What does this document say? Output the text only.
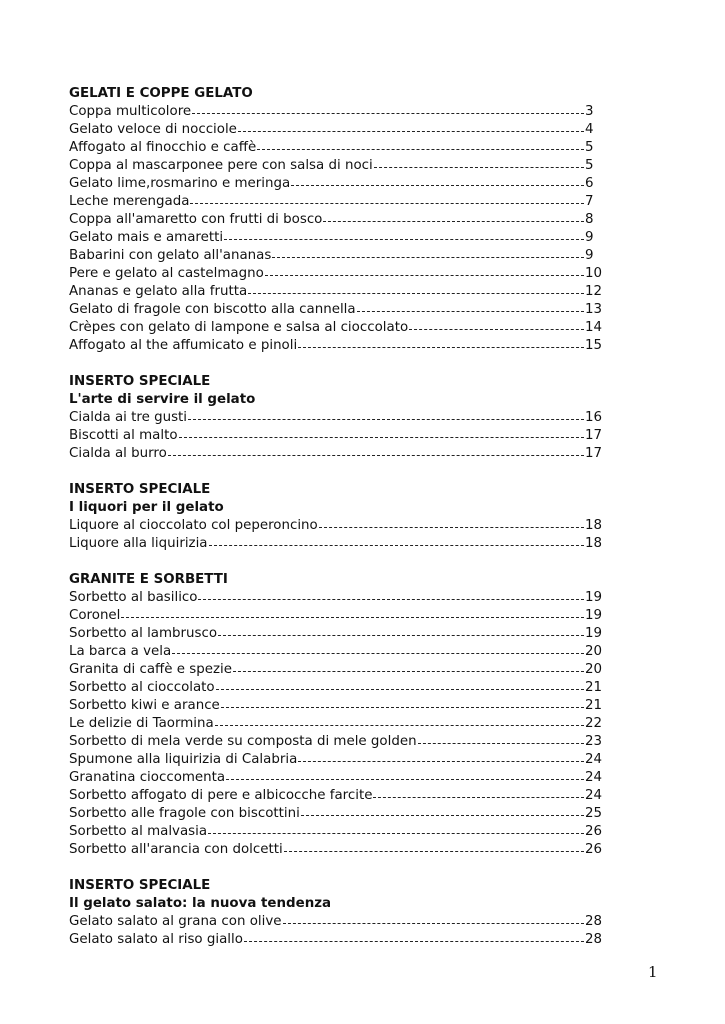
GELATI E COPPE GELATO
Coppa multicolore	3
Gelato veloce di nocciole	4
Affogato al finocchio e caffè	5
Coppa al mascarponee pere con salsa di noci	5
Gelato lime,rosmarino e meringa	6
Leche merengada	7
Coppa all'amaretto con frutti di bosco	8
Gelato mais e amaretti	9
Babarini con gelato all'ananas	9
Pere e gelato al castelmagno	10
Ananas e gelato alla frutta	12
Gelato di fragole con biscotto alla cannella	13
Crèpes con gelato di lampone e salsa al cioccolato	14
Affogato al the affumicato e pinoli	15
INSERTO SPECIALE
L'arte di servire il gelato
Cialda ai tre gusti	16
Biscotti al malto	17
Cialda al burro	17
INSERTO SPECIALE
I liquori per il gelato
Liquore al cioccolato col peperoncino	18
Liquore alla liquirizia	18
GRANITE E SORBETTI
Sorbetto al basilico	19
Coronel	19
Sorbetto al lambrusco	19
La barca a vela	20
Granita di caffè e spezie	20
Sorbetto al cioccolato	21
Sorbetto kiwi e arance	21
Le delizie di Taormina	22
Sorbetto di mela verde su composta di mele golden	23
Spumone alla liquirizia di Calabria	24
Granatina cioccomenta	24
Sorbetto affogato di pere e albicocche farcite	24
Sorbetto alle fragole con biscottini	25
Sorbetto al malvasia	26
Sorbetto all'arancia con dolcetti	26
INSERTO SPECIALE
Il gelato salato: la nuova tendenza
Gelato salato al grana con olive	28
Gelato salato al riso giallo	28
1
